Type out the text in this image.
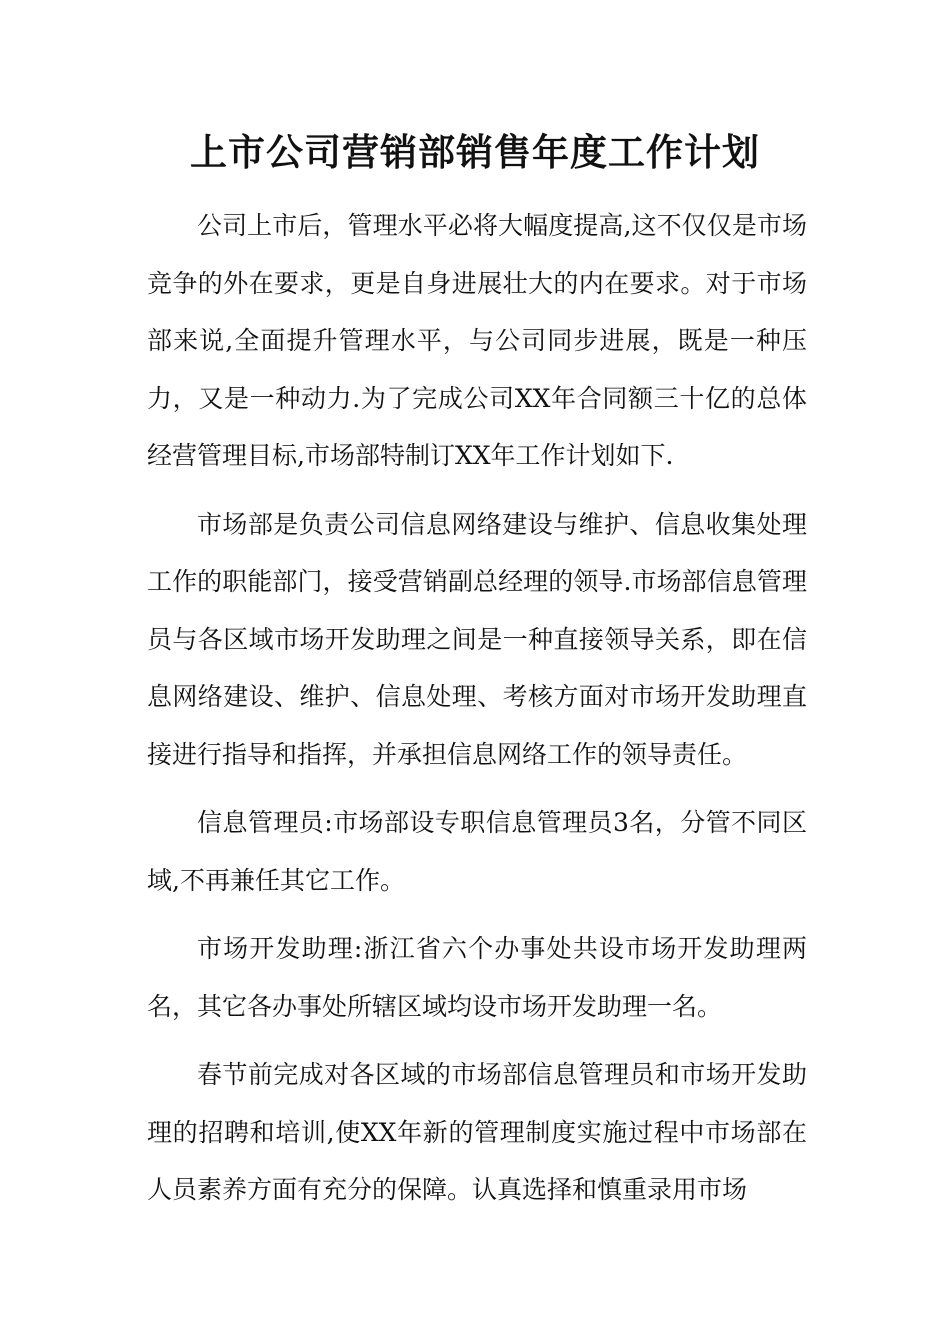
上市公司营销部销售年度工作计划

公司上市后，管理水平必将大幅度提高,这不仅仅是市场竞争的外在要求，更是自身进展壮大的内在要求。对于市场部来说,全面提升管理水平，与公司同步进展，既是一种压力，又是一种动力.为了完成公司XX年合同额三十亿的总体经营管理目标,市场部特制订XX年工作计划如下.

市场部是负责公司信息网络建设与维护、信息收集处理工作的职能部门，接受营销副总经理的领导.市场部信息管理员与各区域市场开发助理之间是一种直接领导关系，即在信息网络建设、维护、信息处理、考核方面对市场开发助理直接进行指导和指挥，并承担信息网络工作的领导责任。

信息管理员:市场部设专职信息管理员3名，分管不同区域,不再兼任其它工作。

市场开发助理:浙江省六个办事处共设市场开发助理两名，其它各办事处所辖区域均设市场开发助理一名。

春节前完成对各区域的市场部信息管理员和市场开发助理的招聘和培训,使XX年新的管理制度实施过程中市场部在人员素养方面有充分的保障。认真选择和慎重录用市场
